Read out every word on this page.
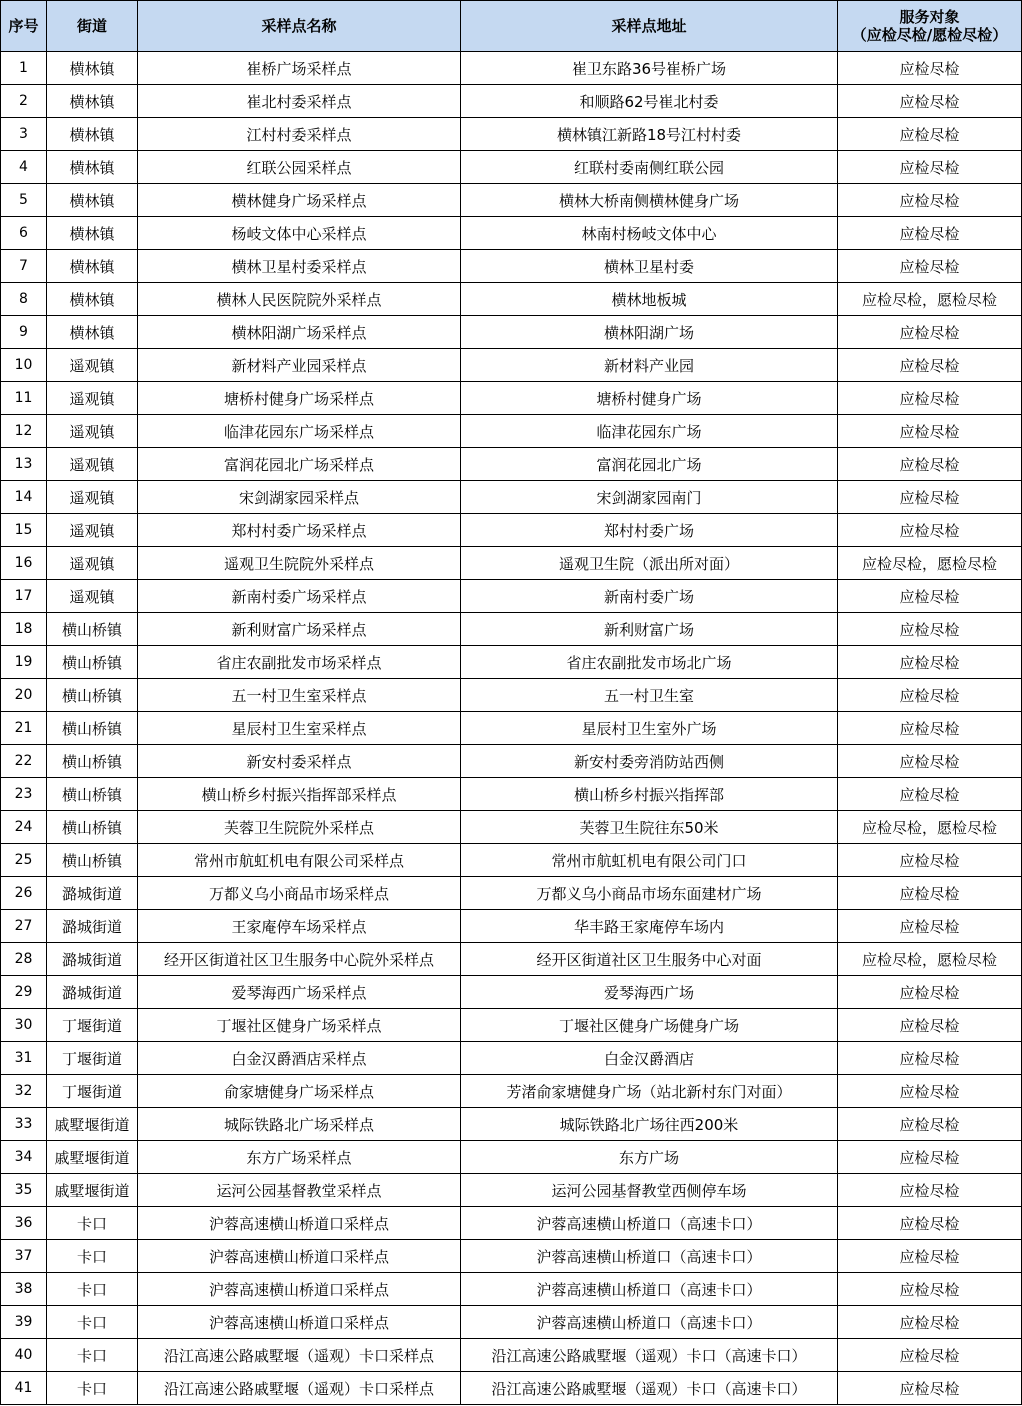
序号	街道	采样点名称	采样点地址	服务对象
（应检尽检/愿检尽检）

1	横林镇	崔桥广场采样点	崔卫东路36号崔桥广场	应检尽检
2	横林镇	崔北村委采样点	和顺路62号崔北村委	应检尽检
3	横林镇	江村村委采样点	横林镇江新路18号江村村委	应检尽检
4	横林镇	红联公园采样点	红联村委南侧红联公园	应检尽检
5	横林镇	横林健身广场采样点	横林大桥南侧横林健身广场	应检尽检
6	横林镇	杨岐文体中心采样点	林南村杨岐文体中心	应检尽检
7	横林镇	横林卫星村委采样点	横林卫星村委	应检尽检
8	横林镇	横林人民医院院外采样点	横林地板城	应检尽检，愿检尽检
9	横林镇	横林阳湖广场采样点	横林阳湖广场	应检尽检
10	遥观镇	新材料产业园采样点	新材料产业园	应检尽检
11	遥观镇	塘桥村健身广场采样点	塘桥村健身广场	应检尽检
12	遥观镇	临津花园东广场采样点	临津花园东广场	应检尽检
13	遥观镇	富润花园北广场采样点	富润花园北广场	应检尽检
14	遥观镇	宋剑湖家园采样点	宋剑湖家园南门	应检尽检
15	遥观镇	郑村村委广场采样点	郑村村委广场	应检尽检
16	遥观镇	遥观卫生院院外采样点	遥观卫生院（派出所对面）	应检尽检，愿检尽检
17	遥观镇	新南村委广场采样点	新南村委广场	应检尽检
18	横山桥镇	新利财富广场采样点	新利财富广场	应检尽检
19	横山桥镇	省庄农副批发市场采样点	省庄农副批发市场北广场	应检尽检
20	横山桥镇	五一村卫生室采样点	五一村卫生室	应检尽检
21	横山桥镇	星辰村卫生室采样点	星辰村卫生室外广场	应检尽检
22	横山桥镇	新安村委采样点	新安村委旁消防站西侧	应检尽检
23	横山桥镇	横山桥乡村振兴指挥部采样点	横山桥乡村振兴指挥部	应检尽检
24	横山桥镇	芙蓉卫生院院外采样点	芙蓉卫生院往东50米	应检尽检，愿检尽检
25	横山桥镇	常州市航虹机电有限公司采样点	常州市航虹机电有限公司门口	应检尽检
26	潞城街道	万都义乌小商品市场采样点	万都义乌小商品市场东面建材广场	应检尽检
27	潞城街道	王家庵停车场采样点	华丰路王家庵停车场内	应检尽检
28	潞城街道	经开区街道社区卫生服务中心院外采样点	经开区街道社区卫生服务中心对面	应检尽检，愿检尽检
29	潞城街道	爱琴海西广场采样点	爱琴海西广场	应检尽检
30	丁堰街道	丁堰社区健身广场采样点	丁堰社区健身广场健身广场	应检尽检
31	丁堰街道	白金汉爵酒店采样点	白金汉爵酒店	应检尽检
32	丁堰街道	俞家塘健身广场采样点	芳渚俞家塘健身广场（站北新村东门对面）	应检尽检
33	戚墅堰街道	城际铁路北广场采样点	城际铁路北广场往西200米	应检尽检
34	戚墅堰街道	东方广场采样点	东方广场	应检尽检
35	戚墅堰街道	运河公园基督教堂采样点	运河公园基督教堂西侧停车场	应检尽检
36	卡口	沪蓉高速横山桥道口采样点	沪蓉高速横山桥道口（高速卡口）	应检尽检
37	卡口	沪蓉高速横山桥道口采样点	沪蓉高速横山桥道口（高速卡口）	应检尽检
38	卡口	沪蓉高速横山桥道口采样点	沪蓉高速横山桥道口（高速卡口）	应检尽检
39	卡口	沪蓉高速横山桥道口采样点	沪蓉高速横山桥道口（高速卡口）	应检尽检
40	卡口	沿江高速公路戚墅堰（遥观）卡口采样点	沿江高速公路戚墅堰（遥观）卡口（高速卡口）	应检尽检
41	卡口	沿江高速公路戚墅堰（遥观）卡口采样点	沿江高速公路戚墅堰（遥观）卡口（高速卡口）	应检尽检
